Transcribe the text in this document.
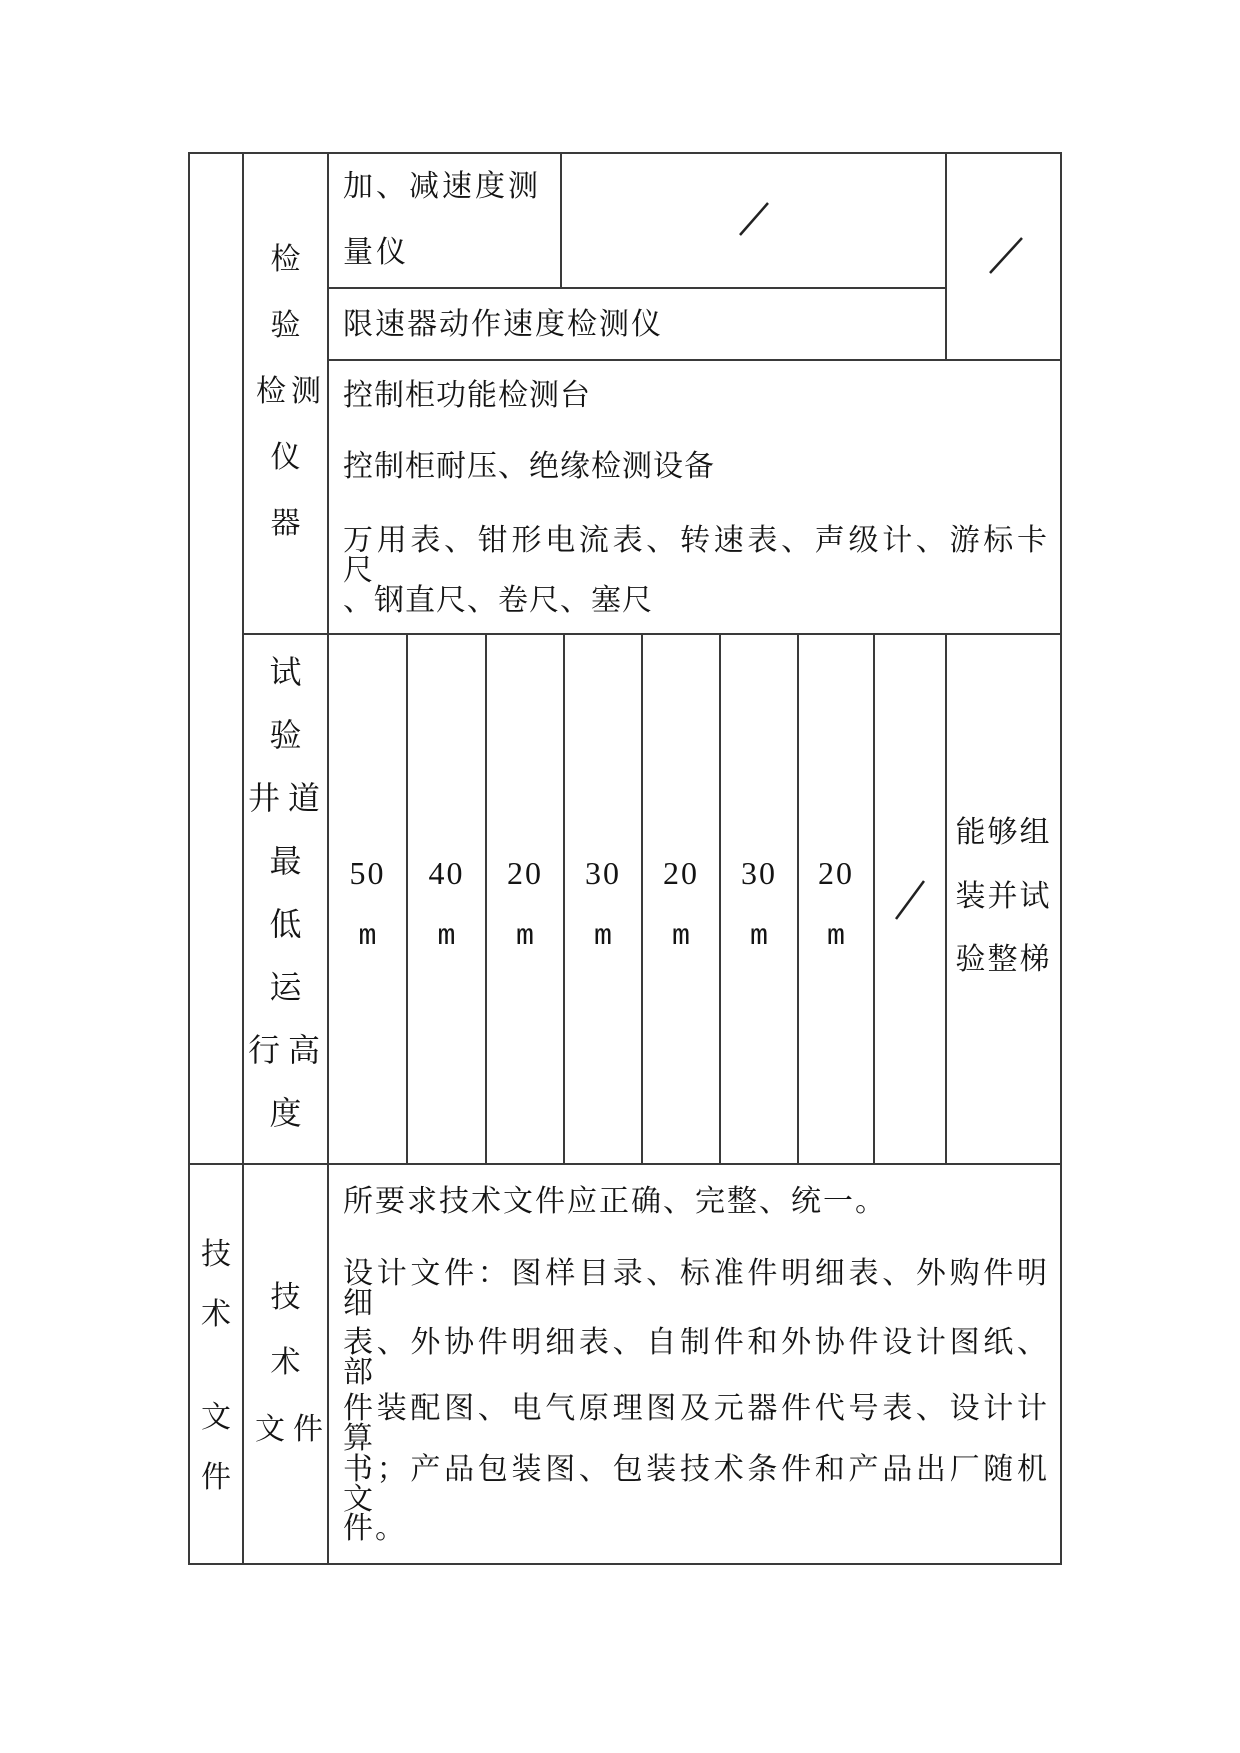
检
验
检测
仪
器
加、减速度测
量仪
限速器动作速度检测仪
控制柜功能检测台
控制柜耐压、绝缘检测设备
万用表、钳形电流表、转速表、声级计、游标卡尺
、钢直尺、卷尺、塞尺
试
验
井道
最
低
运
行高
度
50
m
40
m
20
m
30
m
20
m
30
m
20
m
能够组
装并试
验整梯
技
术
文
件
技
术
文件
所要求技术文件应正确、完整、统一。
设计文件：图样目录、标准件明细表、外购件明细
表、外协件明细表、自制件和外协件设计图纸、部
件装配图、电气原理图及元器件代号表、设计计算
书；产品包装图、包装技术条件和产品出厂随机文
件。
